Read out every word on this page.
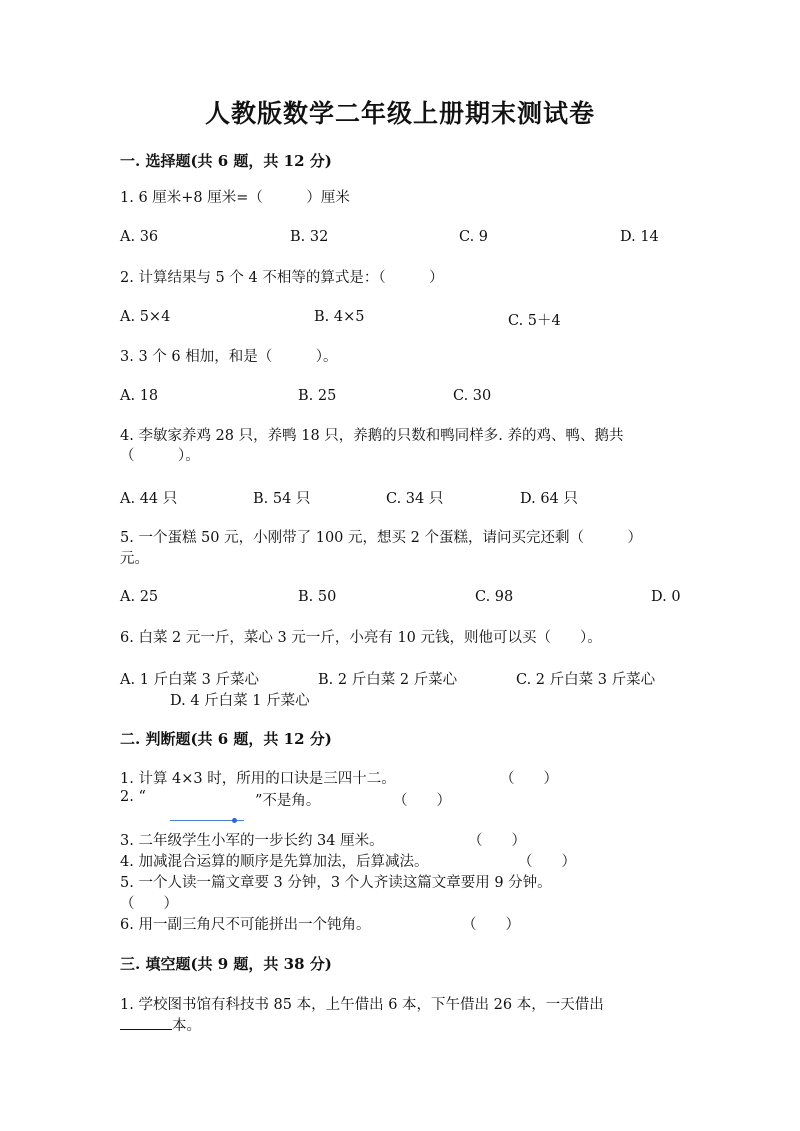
人教版数学二年级上册期末测试卷
一. 选择题(共 6 题，共 12 分)
1. 6 厘米+8 厘米=（　　　）厘米
A. 36	B. 32	C. 9	D. 14
2. 计算结果与 5 个 4 不相等的算式是：（　　　）
A. 5×4	B. 4×5	C. 5＋4
3. 3 个 6 相加，和是（　　　）。
A. 18	B. 25	C. 30
4. 李敏家养鸡 28 只，养鸭 18 只，养鹅的只数和鸭同样多. 养的鸡、鸭、鹅共
（　　　）。
A. 44 只	B. 54 只	C. 34 只	D. 64 只
5. 一个蛋糕 50 元，小刚带了 100 元，想买 2 个蛋糕，请问买完还剩（　　　）
元。
A. 25	B. 50	C. 98	D. 0
6. 白菜 2 元一斤，菜心 3 元一斤，小亮有 10 元钱，则他可以买（　　）。
A. 1 斤白菜 3 斤菜心	B. 2 斤白菜 2 斤菜心	C. 2 斤白菜 3 斤菜心
D. 4 斤白菜 1 斤菜心
二. 判断题(共 6 题，共 12 分)
1. 计算 4×3 时，所用的口诀是三四十二。	（　　）
2. “	”不是角。	（　　）
3. 二年级学生小军的一步长约 34 厘米。	（　　）
4. 加减混合运算的顺序是先算加法，后算减法。	（　　）
5. 一个人读一篇文章要 3 分钟，3 个人齐读这篇文章要用 9 分钟。
（　　）
6. 用一副三角尺不可能拼出一个钝角。	（　　）
三. 填空题(共 9 题，共 38 分)
1. 学校图书馆有科技书 85 本，上午借出 6 本，下午借出 26 本，一天借出
本。
